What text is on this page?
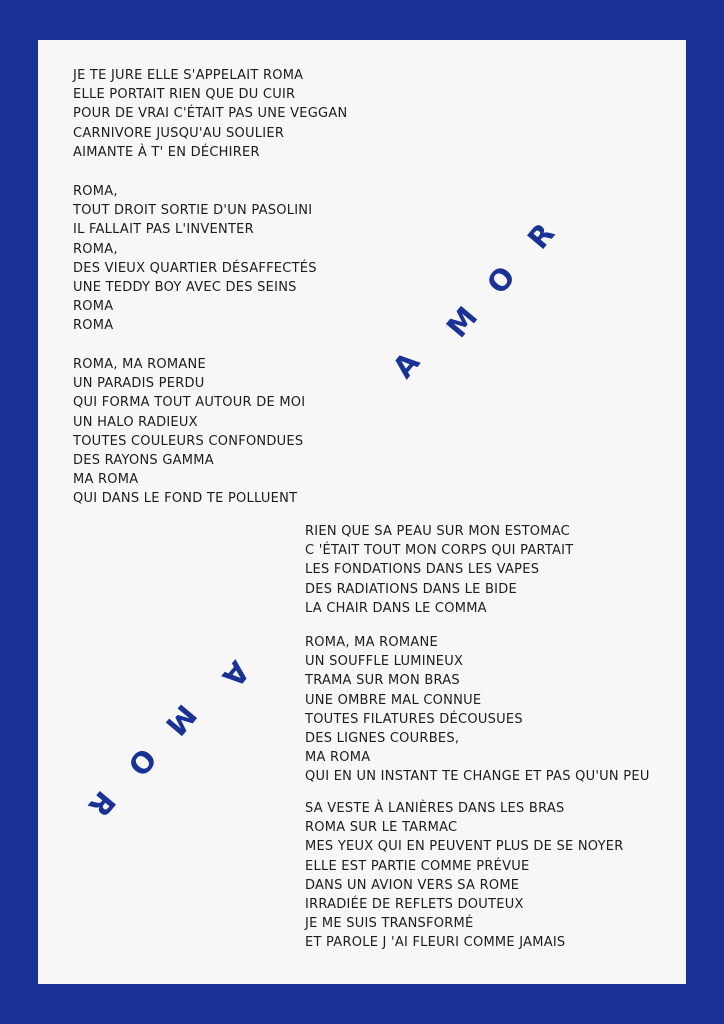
JE TE JURE ELLE S'APPELAIT ROMA
ELLE PORTAIT RIEN QUE DU CUIR
POUR DE VRAI C'ÉTAIT PAS UNE VEGGAN
CARNIVORE JUSQU'AU SOULIER
AIMANTE À T' EN DÉCHIRER
ROMA,
TOUT DROIT SORTIE D'UN PASOLINI
IL FALLAIT PAS L'INVENTER
ROMA,
DES VIEUX QUARTIER DÉSAFFECTÉS
UNE TEDDY BOY AVEC DES SEINS
ROMA
ROMA
ROMA, MA ROMANE
UN PARADIS PERDU
QUI FORMA TOUT AUTOUR DE MOI
UN HALO RADIEUX
TOUTES COULEURS CONFONDUES
DES RAYONS GAMMA
MA ROMA
QUI DANS LE FOND TE POLLUENT
RIEN QUE SA PEAU SUR MON ESTOMAC
C 'ÉTAIT TOUT MON CORPS QUI PARTAIT
LES FONDATIONS DANS LES VAPES
DES RADIATIONS DANS LE BIDE
LA CHAIR DANS LE COMMA
ROMA, MA ROMANE
UN SOUFFLE LUMINEUX
TRAMA SUR MON BRAS
UNE OMBRE MAL CONNUE
TOUTES FILATURES DÉCOUSUES
DES LIGNES COURBES,
MA ROMA
QUI EN UN INSTANT TE CHANGE ET PAS QU'UN PEU
SA VESTE À LANIÈRES DANS LES BRAS
ROMA SUR LE TARMAC
MES YEUX QUI EN PEUVENT PLUS DE SE NOYER
ELLE EST PARTIE COMME PRÉVUE
DANS UN AVION VERS SA ROME
IRRADIÉE DE REFLETS DOUTEUX
JE ME SUIS TRANSFORMÉ
ET PAROLE J 'AI FLEURI COMME JAMAIS
A
M
O
R
A
M
O
R
